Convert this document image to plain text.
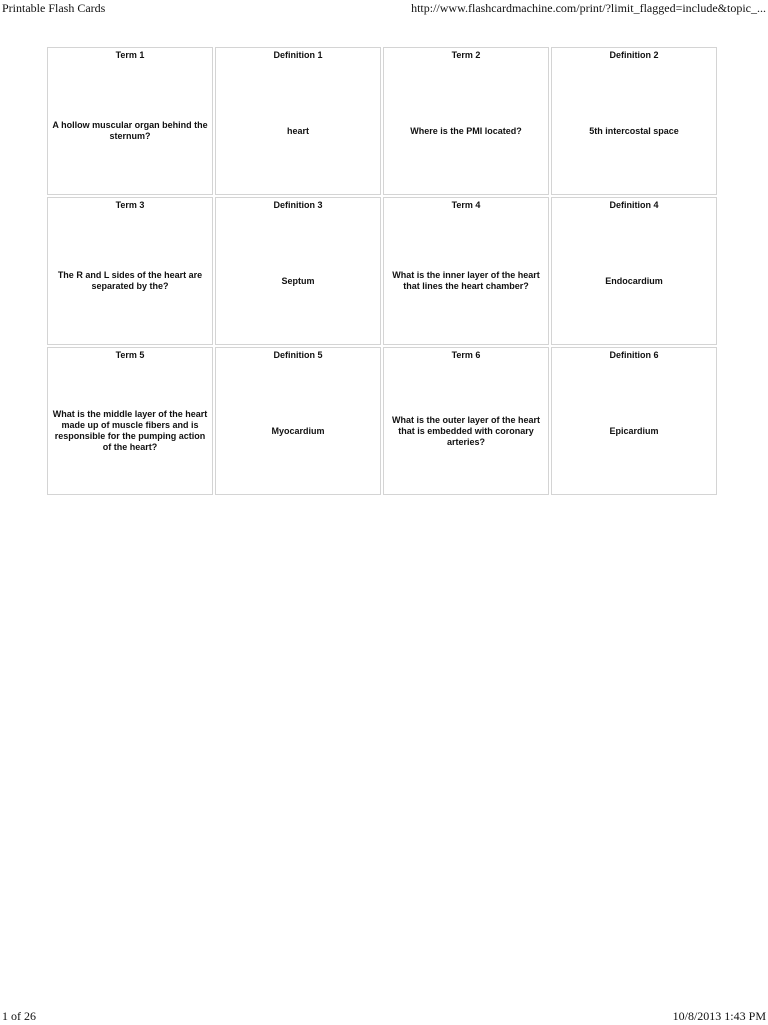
Printable Flash Cards	http://www.flashcardmachine.com/print/?limit_flagged=include&topic_...
Term 1
A hollow muscular organ behind the sternum?
Definition 1
heart
Term 2
Where is the PMI located?
Definition 2
5th intercostal space
Term 3
The R and L sides of the heart are separated by the?
Definition 3
Septum
Term 4
What is the inner layer of the heart that lines the heart chamber?
Definition 4
Endocardium
Term 5
What is the middle layer of the heart made up of muscle fibers and is responsible for the pumping action of the heart?
Definition 5
Myocardium
Term 6
What is the outer layer of the heart that is embedded with coronary arteries?
Definition 6
Epicardium
1 of 26	10/8/2013 1:43 PM
